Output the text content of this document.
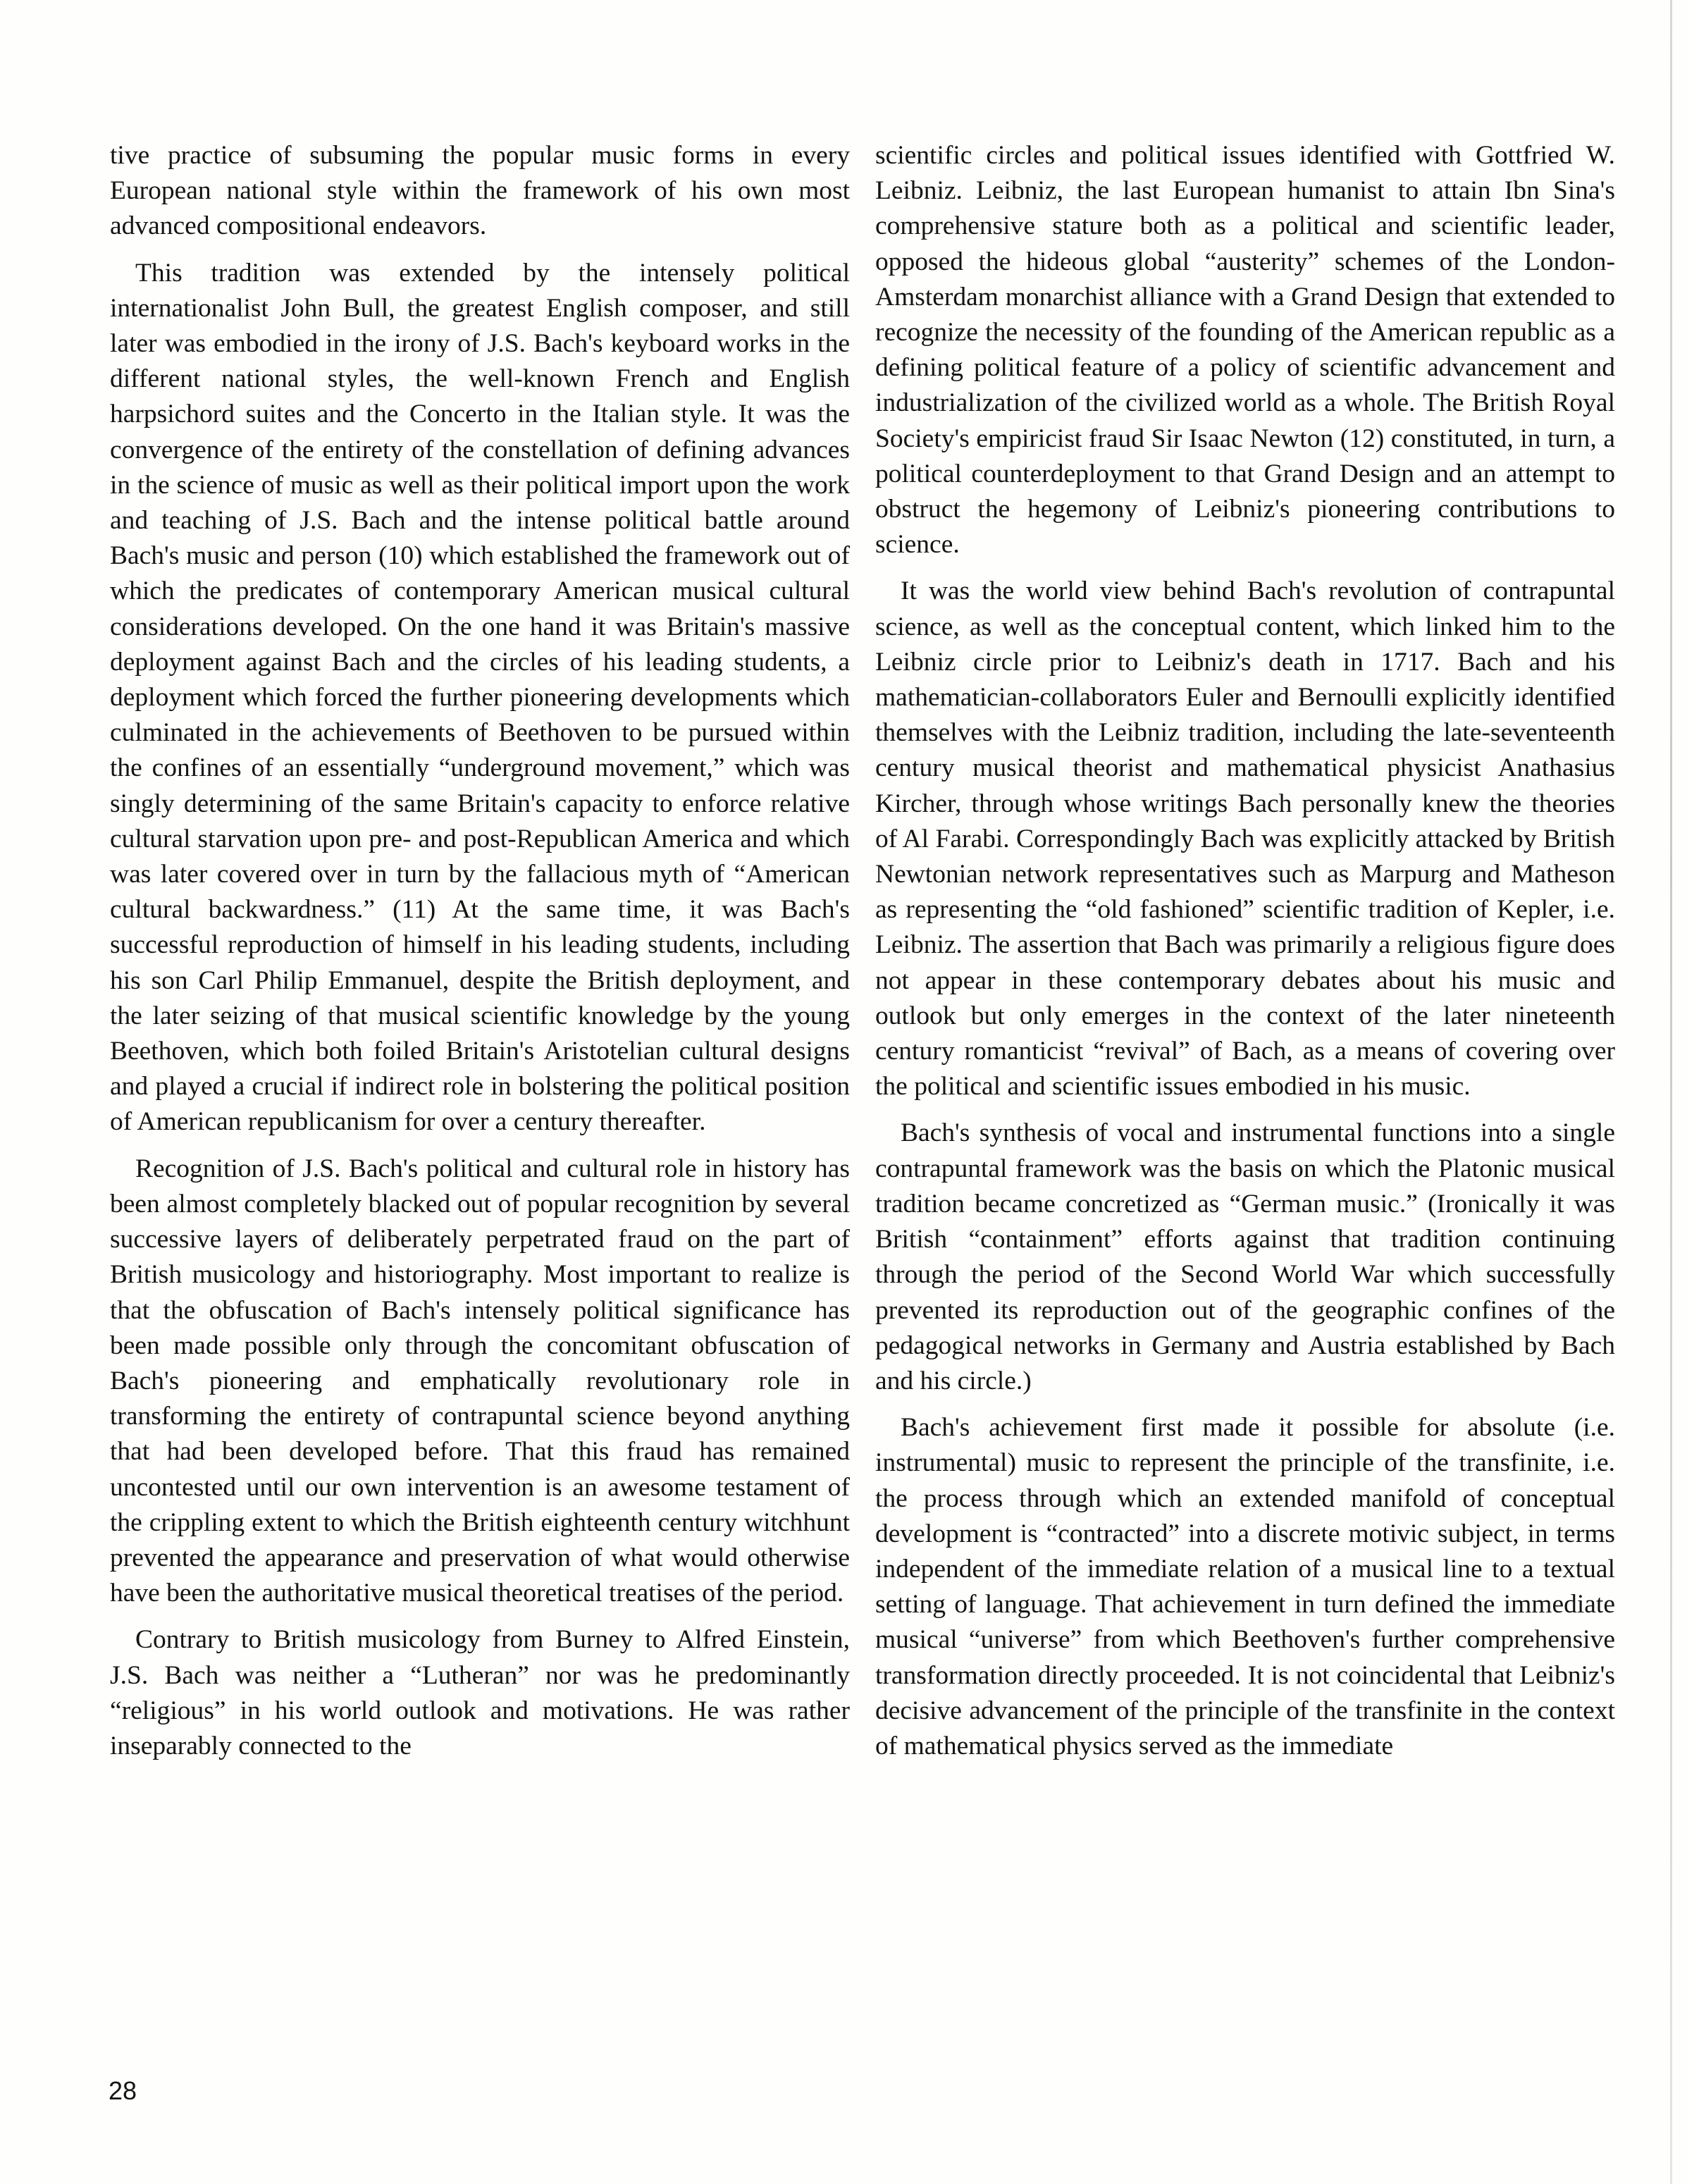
tive practice of subsuming the popular music forms in every European national style within the framework of his own most advanced compositional endeavors.

This tradition was extended by the intensely political internationalist John Bull, the greatest English composer, and still later was embodied in the irony of J.S. Bach's keyboard works in the different national styles, the well-known French and English harpsichord suites and the Concerto in the Italian style. It was the convergence of the entirety of the constellation of defining advances in the science of music as well as their political import upon the work and teaching of J.S. Bach and the intense political battle around Bach's music and person (10) which established the framework out of which the predicates of contemporary American musical cultural considerations developed. On the one hand it was Britain's massive deployment against Bach and the circles of his leading students, a deployment which forced the further pioneering developments which culminated in the achievements of Beethoven to be pursued within the confines of an essentially “underground movement,” which was singly determining of the same Britain's capacity to enforce relative cultural starvation upon pre- and post-Republican America and which was later covered over in turn by the fallacious myth of “American cultural backwardness.” (11) At the same time, it was Bach's successful reproduction of himself in his leading students, including his son Carl Philip Emmanuel, despite the British deployment, and the later seizing of that musical scientific knowledge by the young Beethoven, which both foiled Britain's Aristotelian cultural designs and played a crucial if indirect role in bolstering the political position of American republicanism for over a century thereafter.

Recognition of J.S. Bach's political and cultural role in history has been almost completely blacked out of popular recognition by several successive layers of deliberately perpetrated fraud on the part of British musicology and historiography. Most important to realize is that the obfuscation of Bach's intensely political significance has been made possible only through the concomitant obfuscation of Bach's pioneering and emphatically revolutionary role in transforming the entirety of contrapuntal science beyond anything that had been developed before. That this fraud has remained uncontested until our own intervention is an awesome testament of the crippling extent to which the British eighteenth century witchhunt prevented the appearance and preservation of what would otherwise have been the authoritative musical theoretical treatises of the period.

Contrary to British musicology from Burney to Alfred Einstein, J.S. Bach was neither a “Lutheran” nor was he predominantly “religious” in his world outlook and motivations. He was rather inseparably connected to the

scientific circles and political issues identified with Gottfried W. Leibniz. Leibniz, the last European humanist to attain Ibn Sina's comprehensive stature both as a political and scientific leader, opposed the hideous global “austerity” schemes of the London-Amsterdam monarchist alliance with a Grand Design that extended to recognize the necessity of the founding of the American republic as a defining political feature of a policy of scientific advancement and industrialization of the civilized world as a whole. The British Royal Society's empiricist fraud Sir Isaac Newton (12) constituted, in turn, a political counterdeployment to that Grand Design and an attempt to obstruct the hegemony of Leibniz's pioneering contributions to science.

It was the world view behind Bach's revolution of contrapuntal science, as well as the conceptual content, which linked him to the Leibniz circle prior to Leibniz's death in 1717. Bach and his mathematician-collaborators Euler and Bernoulli explicitly identified themselves with the Leibniz tradition, including the late-seventeenth century musical theorist and mathematical physicist Anathasius Kircher, through whose writings Bach personally knew the theories of Al Farabi. Correspondingly Bach was explicitly attacked by British Newtonian network representatives such as Marpurg and Matheson as representing the “old fashioned” scientific tradition of Kepler, i.e. Leibniz. The assertion that Bach was primarily a religious figure does not appear in these contemporary debates about his music and outlook but only emerges in the context of the later nineteenth century romanticist “revival” of Bach, as a means of covering over the political and scientific issues embodied in his music.

Bach's synthesis of vocal and instrumental functions into a single contrapuntal framework was the basis on which the Platonic musical tradition became concretized as “German music.” (Ironically it was British “containment” efforts against that tradition continuing through the period of the Second World War which successfully prevented its reproduction out of the geographic confines of the pedagogical networks in Germany and Austria established by Bach and his circle.)

Bach's achievement first made it possible for absolute (i.e. instrumental) music to represent the principle of the transfinite, i.e. the process through which an extended manifold of conceptual development is “contracted” into a discrete motivic subject, in terms independent of the immediate relation of a musical line to a textual setting of language. That achievement in turn defined the immediate musical “universe” from which Beethoven's further comprehensive transformation directly proceeded. It is not coincidental that Leibniz's decisive advancement of the principle of the transfinite in the context of mathematical physics served as the immediate

28
